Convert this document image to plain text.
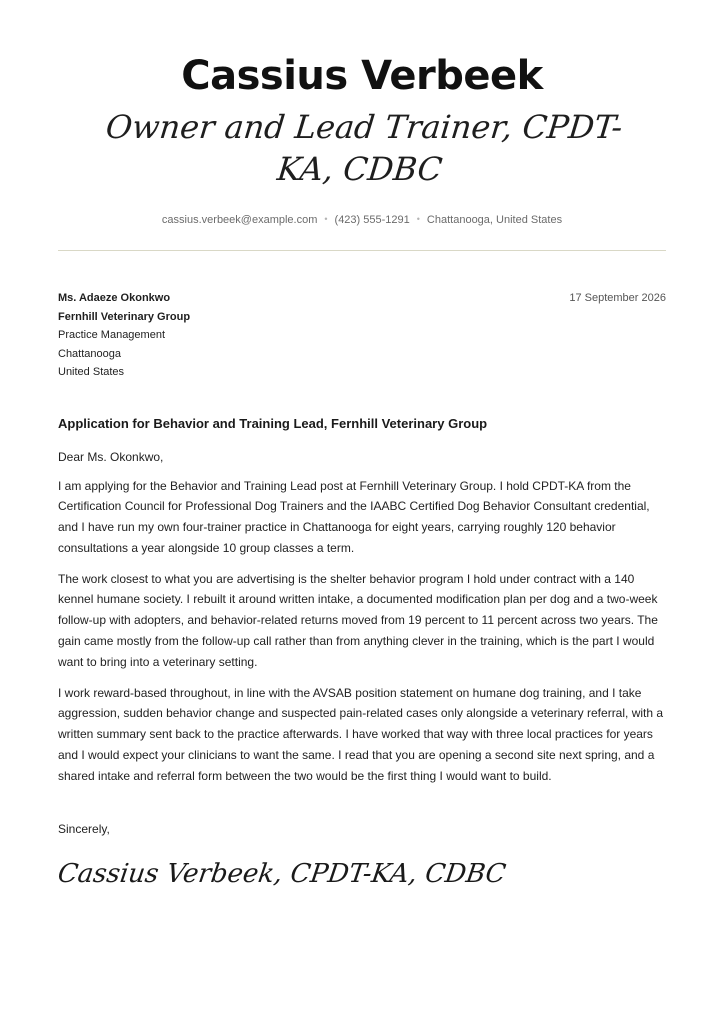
Cassius Verbeek
Owner and Lead Trainer, CPDT-KA, CDBC
cassius.verbeek@example.com • (423) 555-1291 • Chattanooga, United States
Ms. Adaeze Okonkwo
Fernhill Veterinary Group
Practice Management
Chattanooga
United States
17 September 2026
Application for Behavior and Training Lead, Fernhill Veterinary Group
Dear Ms. Okonkwo,

I am applying for the Behavior and Training Lead post at Fernhill Veterinary Group. I hold CPDT-KA from the Certification Council for Professional Dog Trainers and the IAABC Certified Dog Behavior Consultant credential, and I have run my own four-trainer practice in Chattanooga for eight years, carrying roughly 120 behavior consultations a year alongside 10 group classes a term.

The work closest to what you are advertising is the shelter behavior program I hold under contract with a 140 kennel humane society. I rebuilt it around written intake, a documented modification plan per dog and a two-week follow-up with adopters, and behavior-related returns moved from 19 percent to 11 percent across two years. The gain came mostly from the follow-up call rather than from anything clever in the training, which is the part I would want to bring into a veterinary setting.

I work reward-based throughout, in line with the AVSAB position statement on humane dog training, and I take aggression, sudden behavior change and suspected pain-related cases only alongside a veterinary referral, with a written summary sent back to the practice afterwards. I have worked that way with three local practices for years and I would expect your clinicians to want the same. I read that you are opening a second site next spring, and a shared intake and referral form between the two would be the first thing I would want to build.

Sincerely,
Cassius Verbeek, CPDT-KA, CDBC
